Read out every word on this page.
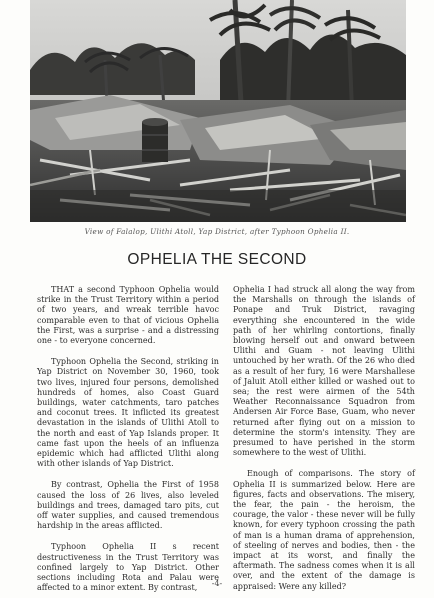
View of Falalop, Ulithi Atoll, Yap District, after Typhoon Ophelia II.
OPHELIA THE SECOND

THAT a second Typhoon Ophelia would strike in the Trust Territory within a period of two years, and wreak terrible havoc comparable even to that of vicious Ophelia the First, was a surprise - and a distressing one - to everyone concerned.

Typhoon Ophelia the Second, striking in Yap District on November 30, 1960, took two lives, injured four persons, demolished hundreds of homes, also Coast Guard buildings, water catchments, taro patches and coconut trees. It inflicted its greatest devastation in the islands of Ulithi Atoll to the north and east of Yap Islands proper. It came fast upon the heels of an influenza epidemic which had afflicted Ulithi along with other islands of Yap District.

By contrast, Ophelia the First of 1958 caused the loss of 26 lives, also leveled buildings and trees, damaged taro pits, cut off water supplies, and caused tremendous hardship in the areas afflicted.

Typhoon Ophelia II s recent destructiveness in the Trust Territory was confined largely to Yap District. Other sections including Rota and Palau were affected to a minor extent. By contrast,

Ophelia I had struck all along the way from the Marshalls on through the islands of Ponape and Truk District, ravaging everything she encountered in the wide path of her whirling contortions, finally blowing herself out and onward between Ulithi and Guam - not leaving Ulithi untouched by her wrath. Of the 26 who died as a result of her fury, 16 were Marshallese of Jaluit Atoll either killed or washed out to sea; the rest were airmen of the 54th Weather Reconnaissance Squadron from Andersen Air Force Base, Guam, who never returned after flying out on a mission to determine the storm's intensity. They are presumed to have perished in the storm somewhere to the west of Ulithi.

Enough of comparisons. The story of Ophelia II is summarized below. Here are figures, facts and observations. The misery, the fear, the pain - the heroism, the courage, the valor - these never will be fully known, for every typhoon crossing the path of man is a human drama of apprehension, of steeling of nerves and bodies, then - the impact at its worst, and finally the aftermath. The sadness comes when it is all over, and the extent of the damage is appraised: Were any killed?

-4-
